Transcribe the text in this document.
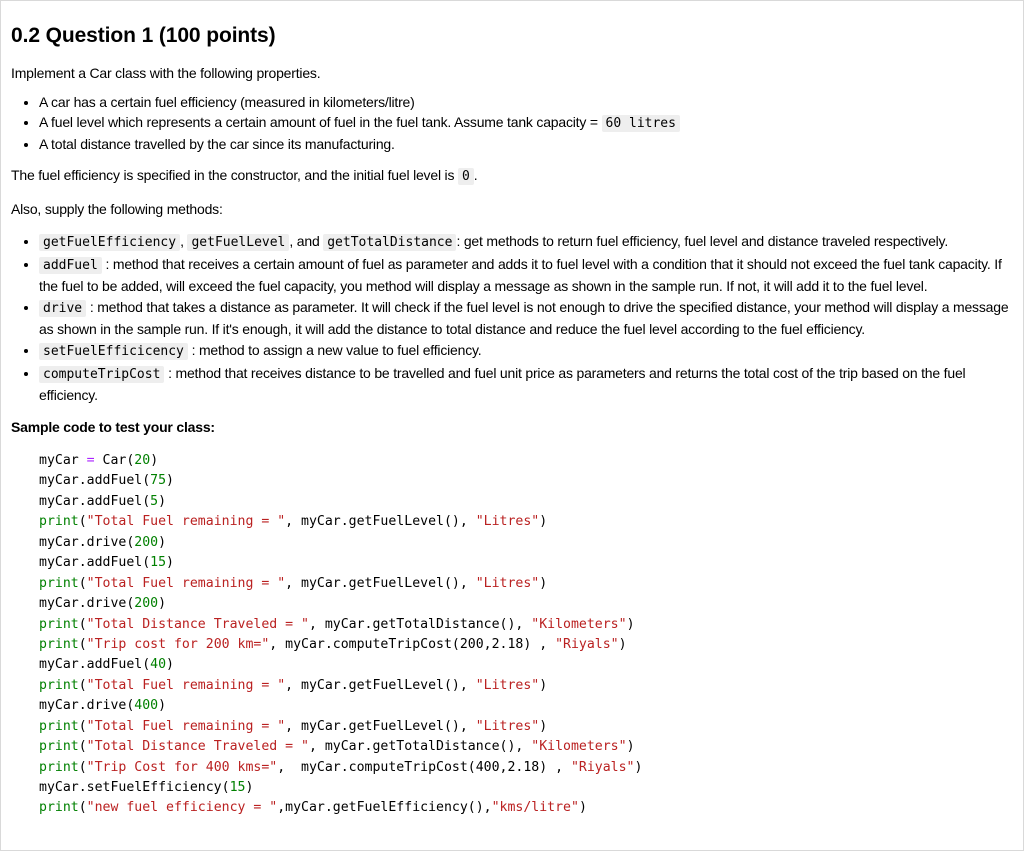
0.2 Question 1 (100 points)

Implement a Car class with the following properties.

• A car has a certain fuel efficiency (measured in kilometers/litre)
• A fuel level which represents a certain amount of fuel in the fuel tank. Assume tank capacity = 60 litres
• A total distance travelled by the car since its manufacturing.

The fuel efficiency is specified in the constructor, and the initial fuel level is 0 .

Also, supply the following methods:

• getFuelEfficiency , getFuelLevel , and getTotalDistance : get methods to return fuel efficiency, fuel level and distance traveled respectively.
• addFuel : method that receives a certain amount of fuel as parameter and adds it to fuel level with a condition that it should not exceed the fuel tank capacity. If the fuel to be added, will exceed the fuel capacity, you method will display a message as shown in the sample run. If not, it will add it to the fuel level.
• drive : method that takes a distance as parameter. It will check if the fuel level is not enough to drive the specified distance, your method will display a message as shown in the sample run. If it's enough, it will add the distance to total distance and reduce the fuel level according to the fuel efficiency.
• setFuelEfficicency : method to assign a new value to fuel efficiency.
• computeTripCost : method that receives distance to be travelled and fuel unit price as parameters and returns the total cost of the trip based on the fuel efficiency.

Sample code to test your class:

myCar = Car(20)
myCar.addFuel(75)
myCar.addFuel(5)
print("Total Fuel remaining = ", myCar.getFuelLevel(), "Litres")
myCar.drive(200)
myCar.addFuel(15)
print("Total Fuel remaining = ", myCar.getFuelLevel(), "Litres")
myCar.drive(200)
print("Total Distance Traveled = ", myCar.getTotalDistance(), "Kilometers")
print("Trip cost for 200 km=", myCar.computeTripCost(200,2.18) , "Riyals")
myCar.addFuel(40)
print("Total Fuel remaining = ", myCar.getFuelLevel(), "Litres")
myCar.drive(400)
print("Total Fuel remaining = ", myCar.getFuelLevel(), "Litres")
print("Total Distance Traveled = ", myCar.getTotalDistance(), "Kilometers")
print("Trip Cost for 400 kms=",  myCar.computeTripCost(400,2.18) , "Riyals")
myCar.setFuelEfficiency(15)
print("new fuel efficiency = ",myCar.getFuelEfficiency(),"kms/litre")
